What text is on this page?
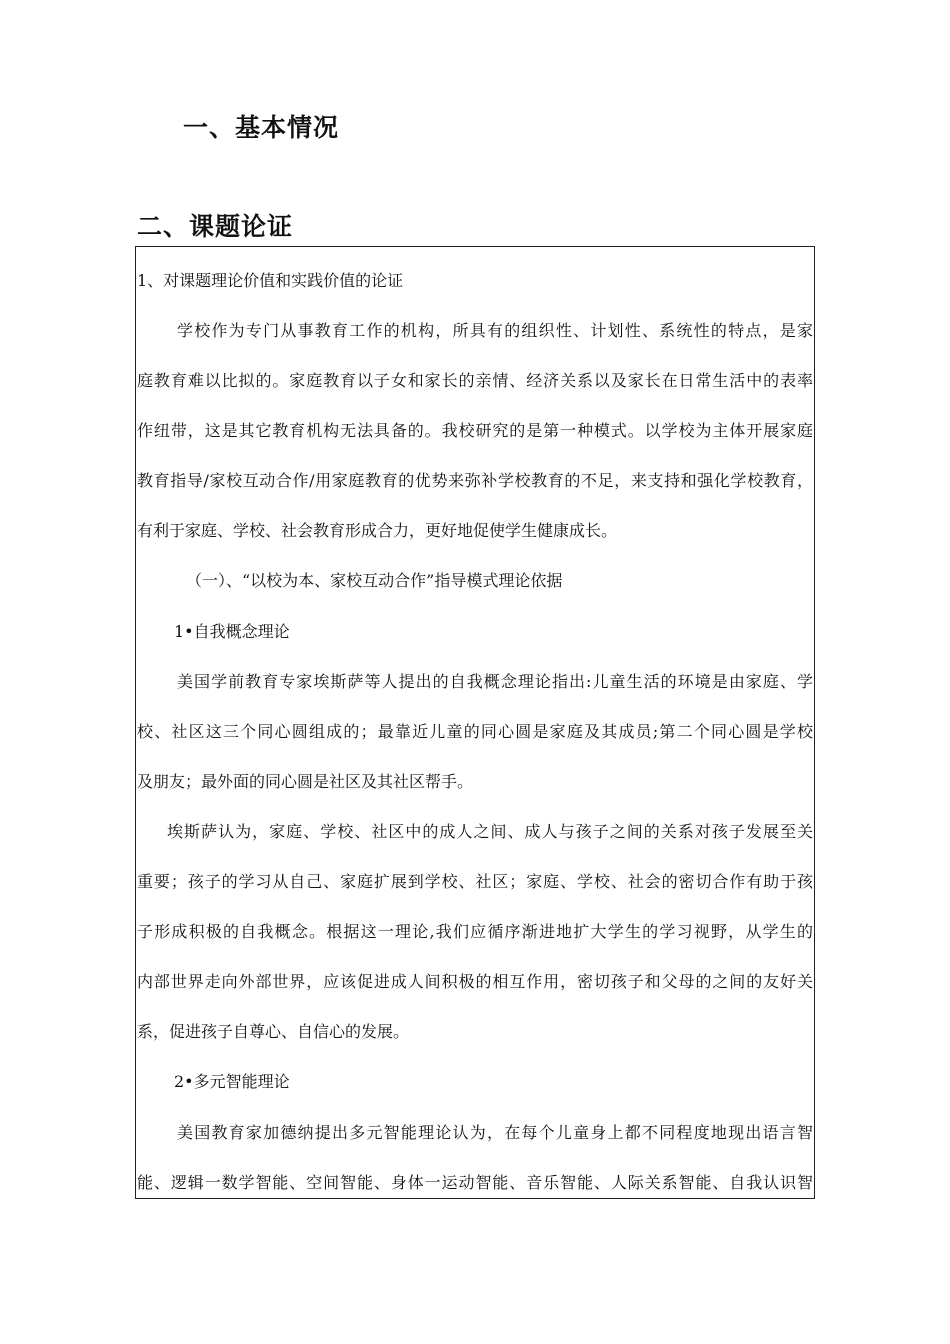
一、基本情况
二、课题论证
1、对课题理论价值和实践价值的论证
学校作为专门从事教育工作的机构，所具有的组织性、计划性、系统性的特点，是家
庭教育难以比拟的。家庭教育以子女和家长的亲情、经济关系以及家长在日常生活中的表率
作纽带，这是其它教育机构无法具备的。我校研究的是第一种模式。以学校为主体开展家庭
教育指导/家校互动合作/用家庭教育的优势来弥补学校教育的不足，来支持和强化学校教育，
有利于家庭、学校、社会教育形成合力，更好地促使学生健康成长。
（一）、“以校为本、家校互动合作”指导模式理论依据
1•自我概念理论
美国学前教育专家埃斯萨等人提出的自我概念理论指出:儿童生活的环境是由家庭、学
校、社区这三个同心圆组成的；最靠近儿童的同心圆是家庭及其成员;第二个同心圆是学校
及朋友；最外面的同心圆是社区及其社区帮手。
埃斯萨认为，家庭、学校、社区中的成人之间、成人与孩子之间的关系对孩子发展至关
重要；孩子的学习从自己、家庭扩展到学校、社区；家庭、学校、社会的密切合作有助于孩
子形成积极的自我概念。根据这一理论,我们应循序渐进地扩大学生的学习视野，从学生的
内部世界走向外部世界，应该促进成人间积极的相互作用，密切孩子和父母的之间的友好关
系，促进孩子自尊心、自信心的发展。
2•多元智能理论
美国教育家加德纳提出多元智能理论认为，在每个儿童身上都不同程度地现出语言智
能、逻辑一数学智能、空间智能、身体一运动智能、音乐智能、人际关系智能、自我认识智
